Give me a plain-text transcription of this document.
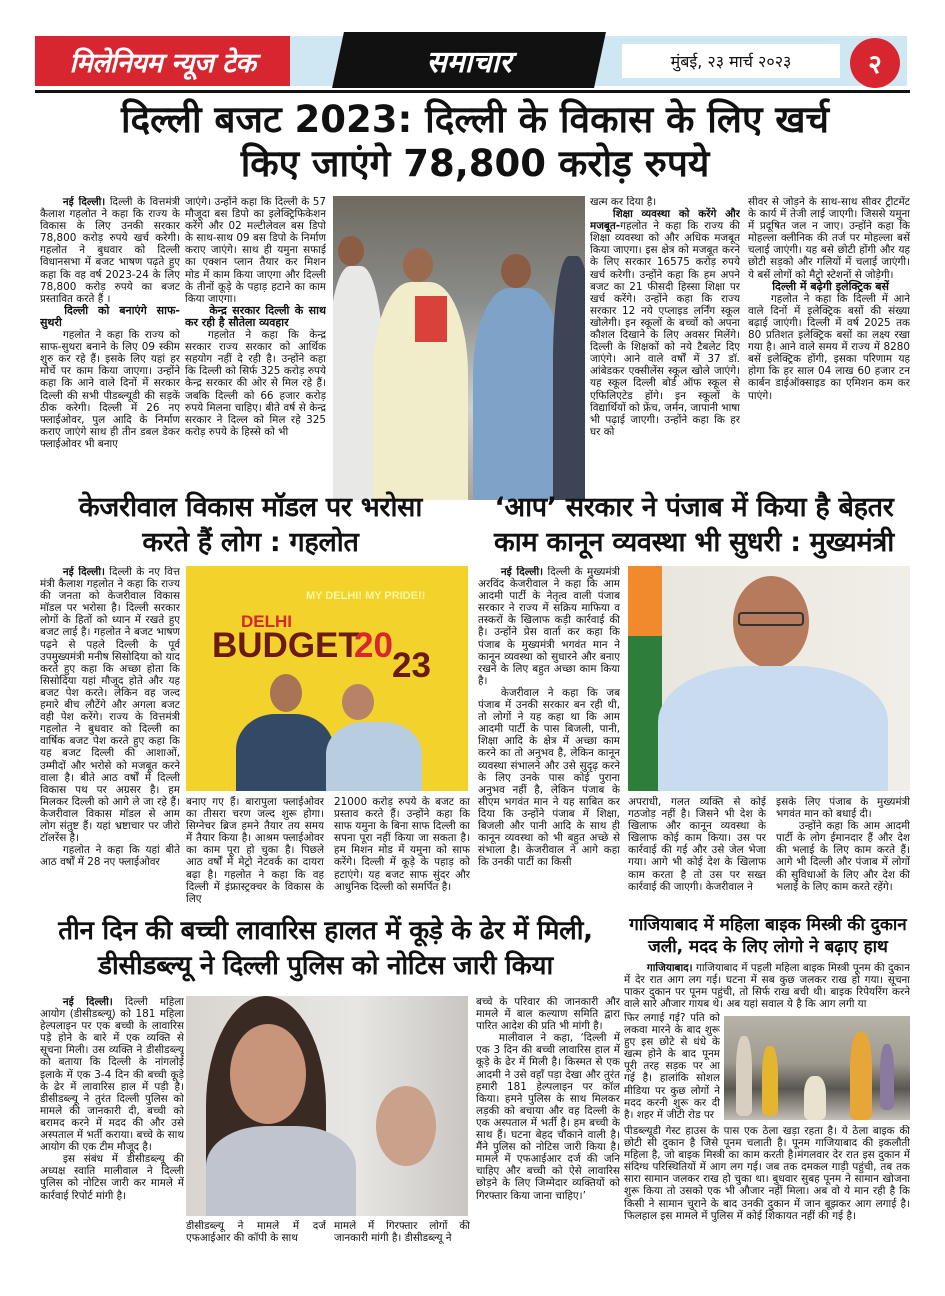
मिलेनियम न्यूज टेक	समाचार	मुंबई, २३ मार्च २०२३	२
दिल्ली बजट 2023: दिल्ली के विकास के लिए खर्च
किए जाएंगे 78,800 करोड़ रुपये

नई दिल्ली। दिल्ली के वित्तमंत्री कैलाश गहलोत ने कहा कि राज्य के विकास के लिए उनकी सरकार 78,800 करोड़ रुपये खर्च करेगी। गहलोत ने बुधवार को दिल्ली विधानसभा में बजट भाषण पढ़ते हुए कहा कि वह वर्ष 2023-24 के लिए 78,800 करोड़ रुपये का बजट प्रस्तावित करते हैं ।

दिल्ली को बनाएंगे साफ-सुथरी

गहलोत ने कहा कि राज्य को साफ-सुथरा बनाने के लिए 09 स्कीम शुरु कर रहे हैं। इसके लिए यहां हर मोर्चे पर काम किया जाएगा। उन्होंने कहा कि आने वाले दिनों में सरकार दिल्ली की सभी पीडब्ल्यूडी की सड़कें ठीक करेगी। दिल्ली में 26 नए फ्लाईओवर, पुल आदि के निर्माण कराए जाएंगे साथ ही तीन डबल डेकर फ्लाईओवर भी बनाए

जाएंगे। उन्होंने कहा कि दिल्ली के 57 मौजूदा बस डिपो का इलेक्ट्रिफिकेशन करेंगे और 02 मल्टीलेवल बस डिपो के साथ-साथ 09 बस डिपो के निर्माण कराए जाएंगे। साथ ही यमुना सफाई का एक्शन प्लान तैयार कर मिशन मोड में काम किया जाएगा और दिल्ली के तीनों कूड़े के पहाड़ हटाने का काम किया जाएगा।

केन्द्र सरकार दिल्ली के साथ कर रही है सौतेला व्यवहार

गहलोत ने कहा कि केन्द्र सरकार राज्य सरकार को आर्थिक सहयोग नहीं दे रही है। उन्होंने कहा कि दिल्ली को सिर्फ 325 करोड़ रुपये केन्द्र सरकार की ओर से मिल रहे हैं। जबकि दिल्ली को 66 हजार करोड़ रुपये मिलना चाहिए। बीते वर्ष से केन्द्र सरकार ने दिल्ल को मिल रहे 325 करोड़ रुपये के हिस्से को भी

खत्म कर दिया है।

शिक्षा व्यवस्था को करेंगे और मजबूत-गहलोत ने कहा कि राज्य की शिक्षा व्यवस्था को और अधिक मजबूत किया जाएगा। इस क्षेत्र को मजबूत करने के लिए सरकार 16575 करोड़ रुपये खर्च करेगी। उन्होंने कहा कि हम अपने बजट का 21 फीसदी हिस्सा शिक्षा पर खर्च करेंगे। उन्होंने कहा कि राज्य सरकार 12 नये एप्लाइड लर्निंग स्कूल खोलेगी। इन स्कूलों के बच्चों को अपना कौशल दिखाने के लिए अवसर मिलेंगे। दिल्ली के शिक्षकों को नये टैबलेट दिए जाएंगे। आने वाले वर्षों में 37 डॉ. आंबेडकर एक्सीलेंस स्कूल खोले जाएंगे। यह स्कूल दिल्ली बोर्ड ऑफ स्कूल से एफिलिएटेड होंगे। इन स्कूलों के विद्यार्थियों को फ्रेंच, जर्मन, जापानी भाषा भी पढ़ाई जाएगी। उन्होंने कहा कि हर घर को

सीवर से जोड़ने के साथ-साथ सीवर ट्रीटमेंट के कार्य में तेजी लाई जाएगी। जिससे यमुना में प्रदूषित जल न जाए। उन्होंने कहा कि मोहल्ला क्लीनिक की तर्ज पर मोहल्ला बसें चलाई जाएंगी। यह बसे छोटी होंगी और यह छोटी सड़को और गलियों में चलाई जाएंगी। ये बसें लोगों को मैट्रो स्टेशनों से जोड़ेगी।

दिल्ली में बढ़ेगी इलेक्ट्रिक बसें

गहलोत ने कहा कि दिल्ली में आने वाले दिनों में इलेक्ट्रिक बसों की संख्या बढ़ाई जाएंगी। दिल्ली में वर्ष 2025 तक 80 प्रतिशत इलेक्ट्रिक बसों का लक्ष्य रखा गया है। आने वाले समय में राज्य में 8280 बसें इलेक्ट्रिक होंगी, इसका परिणाम यह होगा कि हर साल 04 लाख 60 हजार टन कार्बन डाईऑक्साइड का एमिशन कम कर पाएंगे।

केजरीवाल विकास मॉडल पर भरोसा
करते हैं लोग : गहलोत

नई दिल्ली। दिल्ली के नए वित्त मंत्री कैलाश गहलोत ने कहा कि राज्य की जनता को केजरीवाल विकास मॉडल पर भरोसा है। दिल्ली सरकार लोगों के हितों को ध्यान में रखते हुए बजट लाई है। गहलोत ने बजट भाषण पढ़ने से पहले दिल्ली के पूर्व उपमुख्यमंत्री मनीष सिसोदिया को याद करते हुए कहा कि अच्छा होता कि सिसोदिया यहां मौजूद होते और यह बजट पेश करते। लेकिन वह जल्द हमारे बीच लौटेंगे और अगला बजट वही पेश करेंगे। राज्य के वित्तमंत्री गहलोत ने बुधवार को दिल्ली का वार्षिक बजट पेश करते हुए कहा कि यह बजट दिल्ली की आशाओं, उम्मीदों और भरोसे को मजबूत करने वाला है। बीते आठ वर्षों में दिल्ली विकास पथ पर अग्रसर है। हम मिलकर दिल्ली को आगे ले जा रहे हैं। केजरीवाल विकास मॉडल से आम लोग संतुष्ट हैं। यहां भ्रष्टाचार पर जीरो टॉलरेंस है।

गहलोत ने कहा कि यहां बीते आठ वर्षों में 28 नए फ्लाईओवर

MY DELHI! MY PRIDE!!
DELHI
BUDGET
20
23

बनाए गए हैं। बारापुला फ्लाईओवर का तीसरा चरण जल्द शुरू होगा। सिग्नेचर ब्रिज हमने तैयार तय समय में तैयार किया है। आश्रम फ्लाईओवर का काम पूरा हो चुका है। पिछले आठ वर्षों में मेट्रो नेटवर्क का दायरा बढ़ा है। गहलोत ने कहा कि वह दिल्ली में इंफ्रास्ट्रक्चर के विकास के लिए

21000 करोड़ रुपये के बजट का प्रस्ताव करते हैं। उन्होंने कहा कि साफ यमुना के बिना साफ दिल्ली का सपना पूरा नहीं किया जा सकता है। हम मिशन मोड में यमुना को साफ करेंगे। दिल्ली में कूड़े के पहाड़ को हटाएंगे। यह बजट साफ सुंदर और आधुनिक दिल्ली को समर्पित है।

‘आप’ सरकार ने पंजाब में किया है बेहतर
काम कानून व्यवस्था भी सुधरी : मुख्यमंत्री

नई दिल्ली। दिल्ली के मुख्यमंत्री अरविंद केजरीवाल ने कहा कि आम आदमी पार्टी के नेतृत्व वाली पंजाब सरकार ने राज्य में सक्रिय माफिया व तस्करों के खिलाफ कड़ी कार्रवाई की है। उन्होंने प्रेस वार्ता कर कहा कि पंजाब के मुख्यमंत्री भगवंत मान ने कानून व्यवस्था को सुधारने और बनाए रखने के लिए बहुत अच्छा काम किया है।

केजरीवाल ने कहा कि जब पंजाब में उनकी सरकार बन रही थी, तो लोगों ने यह कहा था कि आम आदमी पार्टी के पास बिजली, पानी, शिक्षा आदि के क्षेत्र में अच्छा काम करने का तो अनुभव है, लेकिन कानून व्यवस्था संभालने और उसे सुदृढ़ करने के लिए उनके पास कोई पुराना अनुभव नहीं है, लेकिन पंजाब के सीएम भगवंत मान ने यह साबित कर दिया कि उन्होंने पंजाब में शिक्षा, बिजली और पानी आदि के साथ ही कानून व्यवस्था को भी बहुत अच्छे से संभाला है। केजरीवाल ने आगे कहा कि उनकी पार्टी का किसी

अपराधी, गलत व्यक्ति से कोई गठजोड़ नहीं है। जिसने भी देश के खिलाफ और कानून व्यवस्था के खिलाफ कोई काम किया। उस पर कार्रवाई की गई और उसे जेल भेजा गया। आगे भी कोई देश के खिलाफ काम करता है तो उस पर सख्त कार्रवाई की जाएगी। केजरीवाल ने

इसके लिए पंजाब के मुख्यमंत्री भगवंत मान को बधाई दी।

उन्होंने कहा कि आम आदमी पार्टी के लोग ईमानदार हैं और देश की भलाई के लिए काम करते हैं। आगे भी दिल्ली और पंजाब में लोगों की सुविधाओं के लिए और देश की भलाई के लिए काम करते रहेंगे।

तीन दिन की बच्ची लावारिस हालत में कूड़े के ढेर में मिली,
डीसीडब्ल्यू ने दिल्ली पुलिस को नोटिस जारी किया

नई दिल्ली। दिल्ली महिला आयोग (डीसीडब्ल्यू) को 181 महिला हेल्पलाइन पर एक बच्ची के लावारिस पड़े होने के बारे में एक व्यक्ति से सूचना मिली। उस व्यक्ति ने डीसीडब्ल्यू को बताया कि दिल्ली के नांगलोई इलाके में एक 3-4 दिन की बच्ची कूड़े के ढेर में लावारिस हाल में पड़ी है। डीसीडब्ल्यू ने तुरंत दिल्ली पुलिस को मामले की जानकारी दी, बच्ची को बरामद करने में मदद की और उसे अस्पताल में भर्ती कराया। बच्चे के साथ आयोग की एक टीम मौजूद है।

इस संबंध में डीसीडब्ल्यू की अध्यक्ष स्वाति मालीवाल ने दिल्ली पुलिस को नोटिस जारी कर मामले में कार्रवाई रिपोर्ट मांगी है।

डीसीडब्ल्यू ने मामले में दर्ज एफआईआर की कॉपी के साथ

मामले में गिरफ्तार लोगों की जानकारी मांगी है। डीसीडब्ल्यू ने

बच्चे के परिवार की जानकारी और मामले में बाल कल्याण समिति द्वारा पारित आदेश की प्रति भी मांगी है।

मालीवाल ने कहा, ‘दिल्ली में एक 3 दिन की बच्ची लावारिस हाल में कूड़े के ढेर में मिली है। किस्मत से एक आदमी ने उसे वहाँ पड़ा देखा और तुरंत हमारी 181 हेल्पलाइन पर कॉल किया। हमने पुलिस के साथ मिलकर लड़की को बचाया और वह दिल्ली के एक अस्पताल में भर्ती है। हम बच्ची के साथ हैं। घटना बेहद चौंकाने वाली है। मैंने पुलिस को नोटिस जारी किया है। मामले में एफआईआर दर्ज की जनि चाहिए और बच्ची को ऐसे लावारिस छोड़ने के लिए जिम्मेदार व्यक्तियों को गिरफ्तार किया जाना चाहिए।’

गाजियाबाद में महिला बाइक मिस्त्री की दुकान
जली, मदद के लिए लोगो ने बढ़ाए हाथ

गाजियाबाद। गाजियाबाद में पहली महिला बाइक मिस्त्री पूनम की दुकान में देर रात आग लग गई। घटना में सब कुछ जलकर राख हो गया। सूचना पाकर दुकान पर पूनम पहुंची, तो सिर्फ राख बची थी। बाइक रिपेयरिंग करने वाले सारे औजार गायब थे। अब यहां सवाल ये है कि आग लगी या

फिर लगाई गई? पति को लकवा मारने के बाद शुरू हुए इस छोटे से धंधे के खत्म होने के बाद पूनम पूरी तरह सड़क पर आ गई है। हालांकि सोशल मीडिया पर कुछ लोगों ने मदद करनी शुरू कर दी है। शहर में जीटी रोड पर

पीडब्ल्यूडी गेस्ट हाउस के पास एक ठेला खड़ा रहता है। ये ठेला बाइक की छोटी सी दुकान है जिसे पूनम चलाती है। पूनम गाजियाबाद की इकलौती महिला है, जो बाइक मिस्त्री का काम करती है।मंगलवार देर रात इस दुकान में संदिग्ध परिस्थितियों में आग लग गई। जब तक दमकल गाड़ी पहुंची, तब तक सारा सामान जलकर राख हो चुका था। बुधवार सुबह पूनम ने सामान खोजना शुरू किया तो उसको एक भी औजार नहीं मिला। अब वो ये मान रही है कि किसी ने सामान चुराने के बाद उनकी दुकान में जान बूझकर आग लगाई है। फिलहाल इस मामले में पुलिस में कोई शिकायत नहीं की गई है।
